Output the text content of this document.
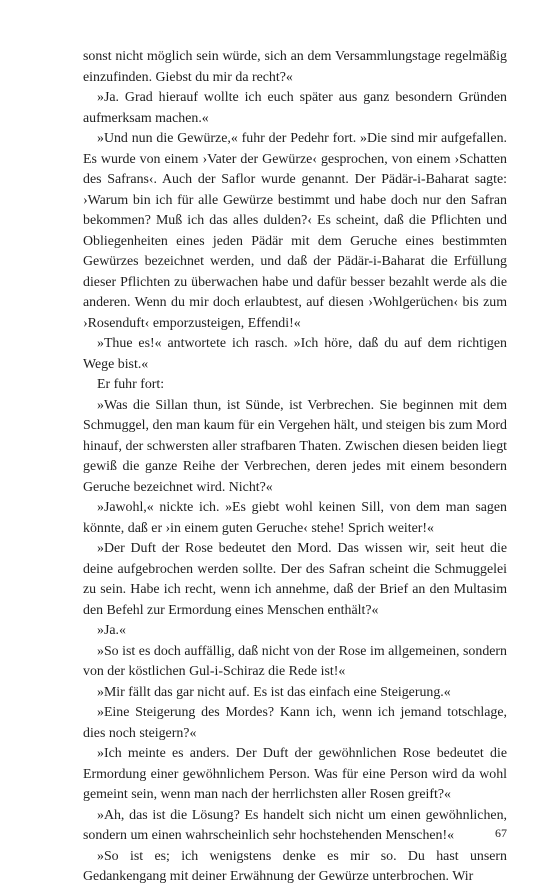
sonst nicht möglich sein würde, sich an dem Versammlungstage regelmäßig einzufinden. Giebst du mir da recht?«

»Ja. Grad hierauf wollte ich euch später aus ganz besondern Gründen aufmerksam machen.«

»Und nun die Gewürze,« fuhr der Pedehr fort. »Die sind mir aufgefallen. Es wurde von einem ›Vater der Gewürze‹ gesprochen, von einem ›Schatten des Safrans‹. Auch der Saflor wurde genannt. Der Pädär-i-Baharat sagte: ›Warum bin ich für alle Gewürze bestimmt und habe doch nur den Safran bekommen? Muß ich das alles dulden?‹ Es scheint, daß die Pflichten und Obliegenheiten eines jeden Pädär mit dem Geruche eines bestimmten Gewürzes bezeichnet werden, und daß der Pädär-i-Baharat die Erfüllung dieser Pflichten zu überwachen habe und dafür besser bezahlt werde als die anderen. Wenn du mir doch erlaubtest, auf diesen ›Wohlgerüchen‹ bis zum ›Rosenduft‹ emporzusteigen, Effendi!«

»Thue es!« antwortete ich rasch. »Ich höre, daß du auf dem richtigen Wege bist.«

Er fuhr fort:

»Was die Sillan thun, ist Sünde, ist Verbrechen. Sie beginnen mit dem Schmuggel, den man kaum für ein Vergehen hält, und steigen bis zum Mord hinauf, der schwersten aller strafbaren Thaten. Zwischen diesen beiden liegt gewiß die ganze Reihe der Verbrechen, deren jedes mit einem besondern Geruche bezeichnet wird. Nicht?«

»Jawohl,« nickte ich. »Es giebt wohl keinen Sill, von dem man sagen könnte, daß er ›in einem guten Geruche‹ stehe! Sprich weiter!«

»Der Duft der Rose bedeutet den Mord. Das wissen wir, seit heut die deine aufgebrochen werden sollte. Der des Safran scheint die Schmuggelei zu sein. Habe ich recht, wenn ich annehme, daß der Brief an den Multasim den Befehl zur Ermordung eines Menschen enthält?«

»Ja.«

»So ist es doch auffällig, daß nicht von der Rose im allgemeinen, sondern von der köstlichen Gul-i-Schiraz die Rede ist!«

»Mir fällt das gar nicht auf. Es ist das einfach eine Steigerung.«

»Eine Steigerung des Mordes? Kann ich, wenn ich jemand totschlage, dies noch steigern?«

»Ich meinte es anders. Der Duft der gewöhnlichen Rose bedeutet die Ermordung einer gewöhnlichem Person. Was für eine Person wird da wohl gemeint sein, wenn man nach der herrlichsten aller Rosen greift?«

»Ah, das ist die Lösung? Es handelt sich nicht um einen gewöhnlichen, sondern um einen wahrscheinlich sehr hochstehenden Menschen!«

»So ist es; ich wenigstens denke es mir so. Du hast unsern Gedankengang mit deiner Erwähnung der Gewürze unterbrochen. Wir

67
